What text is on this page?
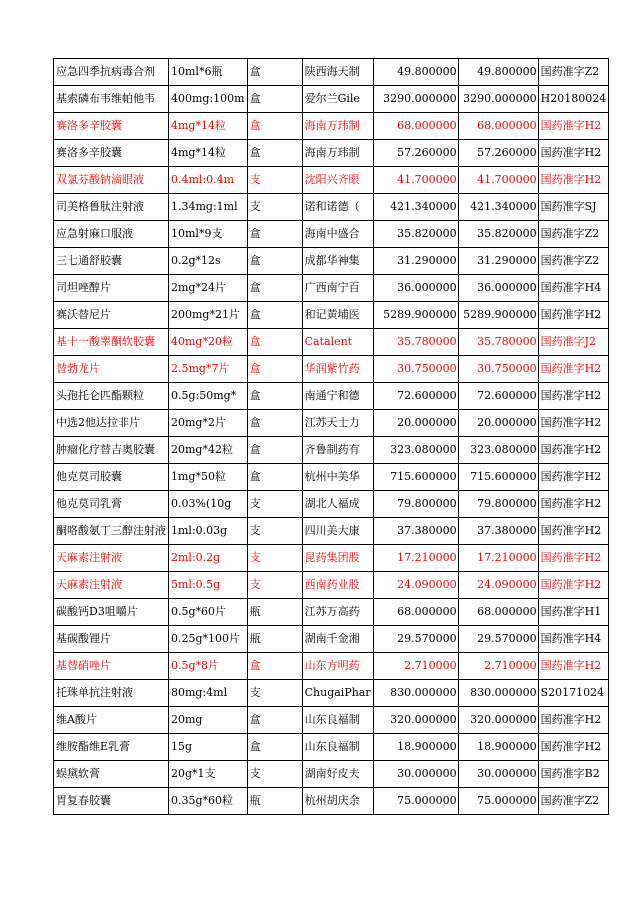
应急四季抗病毒合剂	10ml*6瓶	盒	陕西海天制	49.800000	49.800000	国药准字Z2
基索磷布韦维帕他韦	400mg:100m	盒	爱尔兰Gile	3290.000000	3290.000000	H20180024
赛洛多辛胶囊	4mg*14粒	盒	海南万玮制	68.000000	68.000000	国药准字H2
赛洛多辛胶囊	4mg*14粒	盒	海南万玮制	57.260000	57.260000	国药准字H2
双氯芬酸钠滴眼液	0.4ml:0.4m	支	沈阳兴齐眼	41.700000	41.700000	国药准字H2
司美格鲁肽注射液	1.34mg:1ml	支	诺和诺德（	421.340000	421.340000	国药准字SJ
应急射麻口服液	10ml*9支	盒	海南中盛合	35.820000	35.820000	国药准字Z2
三七通舒胶囊	0.2g*12s	盒	成都华神集	31.290000	31.290000	国药准字Z2
司坦唑醇片	2mg*24片	盒	广西南宁百	36.000000	36.000000	国药准字H4
赛沃替尼片	200mg*21片	盒	和记黄埔医	5289.900000	5289.900000	国药准字H2
基十一酸睾酮软胶囊	40mg*20粒	盒	Catalent	35.780000	35.780000	国药准字J2
替勃龙片	2.5mg*7片	盒	华润紫竹药	30.750000	30.750000	国药准字H2
头孢托仑匹酯颗粒	0.5g:50mg*	盒	南通宁和德	72.600000	72.600000	国药准字H2
中选2他达拉非片	20mg*2片	盒	江苏天士力	20.000000	20.000000	国药准字H2
肿瘤化疗替吉奥胶囊	20mg*42粒	盒	齐鲁制药有	323.080000	323.080000	国药准字H2
他克莫司胶囊	1mg*50粒	盒	杭州中美华	715.600000	715.600000	国药准字H2
他克莫司乳膏	0.03%(10g	支	湖北人福成	79.800000	79.800000	国药准字H2
酮咯酸氨丁三醇注射液	1ml:0.03g	支	四川美大康	37.380000	37.380000	国药准字H2
天麻素注射液	2ml:0.2g	支	昆药集团股	17.210000	17.210000	国药准字H2
天麻素注射液	5ml:0.5g	支	西南药业股	24.090000	24.090000	国药准字H2
碳酸钙D3咀嚼片	0.5g*60片	瓶	江苏万高药	68.000000	68.000000	国药准字H1
基碳酸锂片	0.25g*100片	瓶	湖南千金湘	29.570000	29.570000	国药准字H4
基替硝唑片	0.5g*8片	盒	山东方明药	2.710000	2.710000	国药准字H2
托珠单抗注射液	80mg:4ml	支	ChugaiPhar	830.000000	830.000000	S20171024
维A酸片	20mg	盒	山东良福制	320.000000	320.000000	国药准字H2
维胺酯维E乳膏	15g	盒	山东良福制	18.900000	18.900000	国药准字H2
蜈黛软膏	20g*1支	支	湖南好皮夫	30.000000	30.000000	国药准字B2
胃复春胶囊	0.35g*60粒	瓶	杭州胡庆余	75.000000	75.000000	国药准字Z2
